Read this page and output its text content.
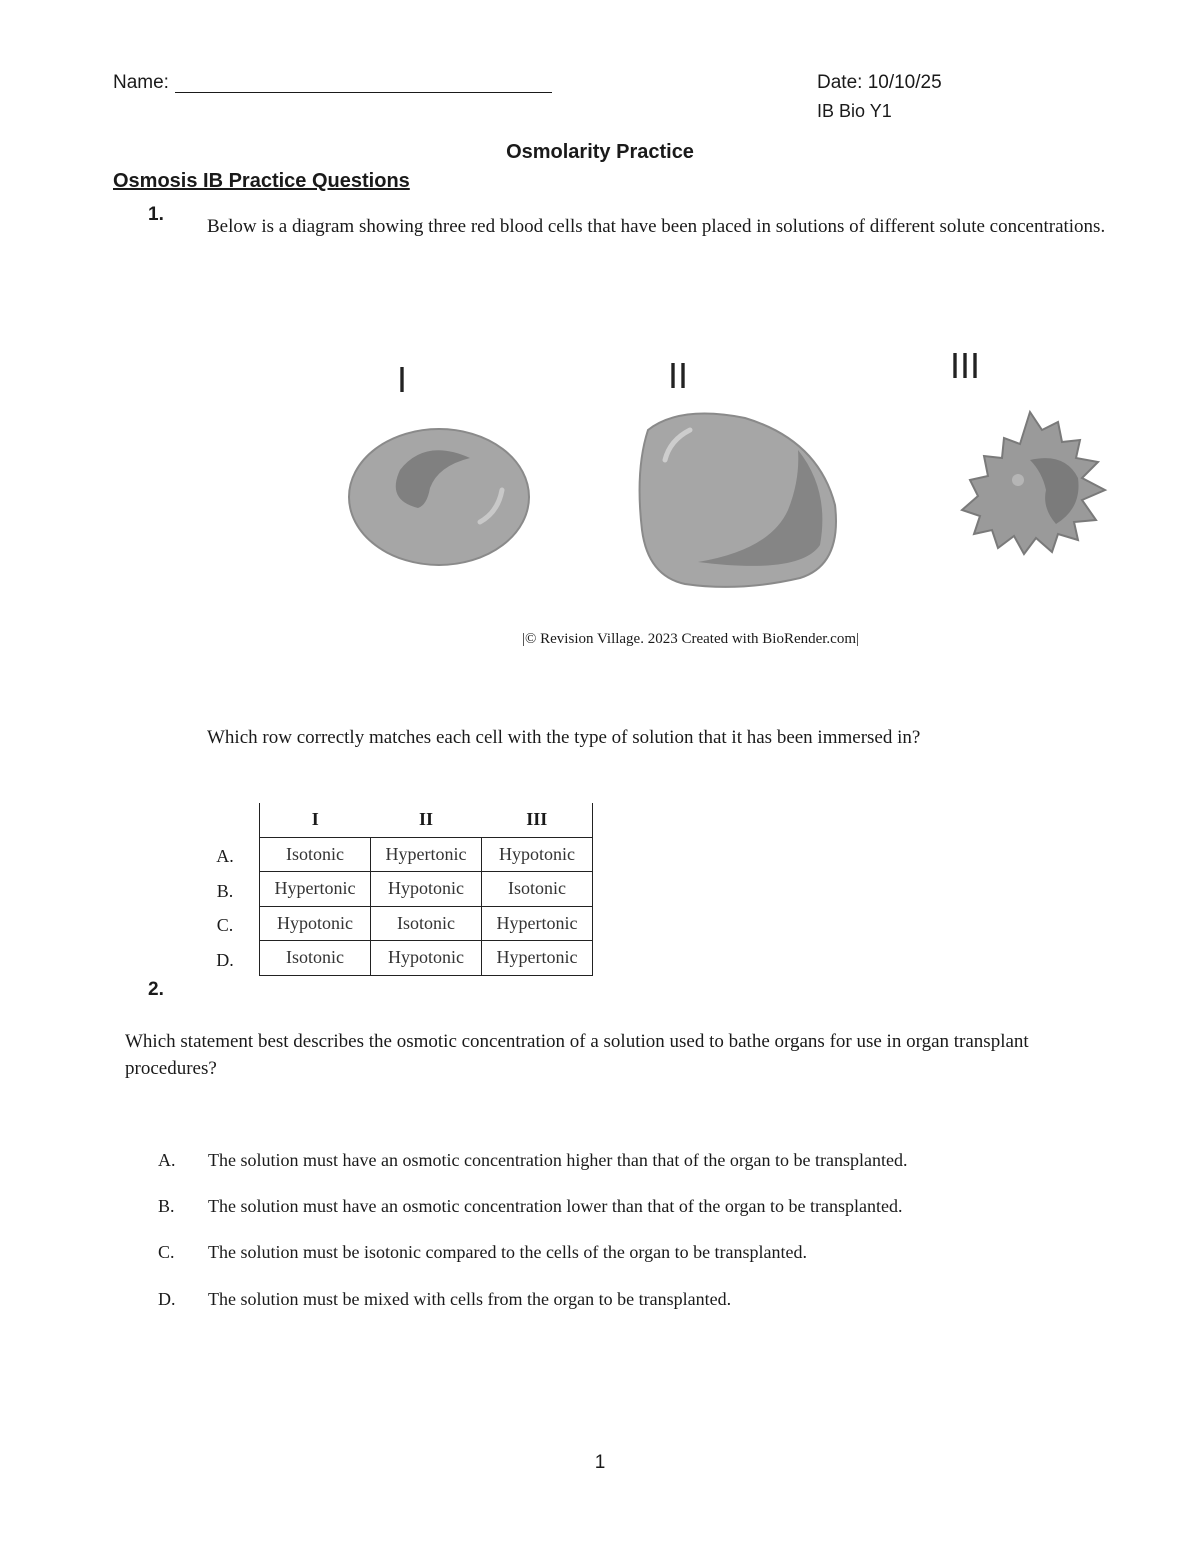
Name:	Date: 10/10/25
IB Bio Y1
Osmolarity Practice
Osmosis IB Practice Questions
1.
Below is a diagram showing three red blood cells that have been placed in solutions of different solute concentrations.
I	II	III
|© Revision Village. 2023 Created with BioRender.com|
Which row correctly matches each cell with the type of solution that it has been immersed in?
A.
B.
C.
D.
I	II	III
Isotonic	Hypertonic	Hypotonic
Hypertonic	Hypotonic	Isotonic
Hypotonic	Isotonic	Hypertonic
Isotonic	Hypotonic	Hypertonic
2.
Which statement best describes the osmotic concentration of a solution used to bathe organs for use in organ transplant procedures?
A. The solution must have an osmotic concentration higher than that of the organ to be transplanted.
B. The solution must have an osmotic concentration lower than that of the organ to be transplanted.
C. The solution must be isotonic compared to the cells of the organ to be transplanted.
D. The solution must be mixed with cells from the organ to be transplanted.
1
